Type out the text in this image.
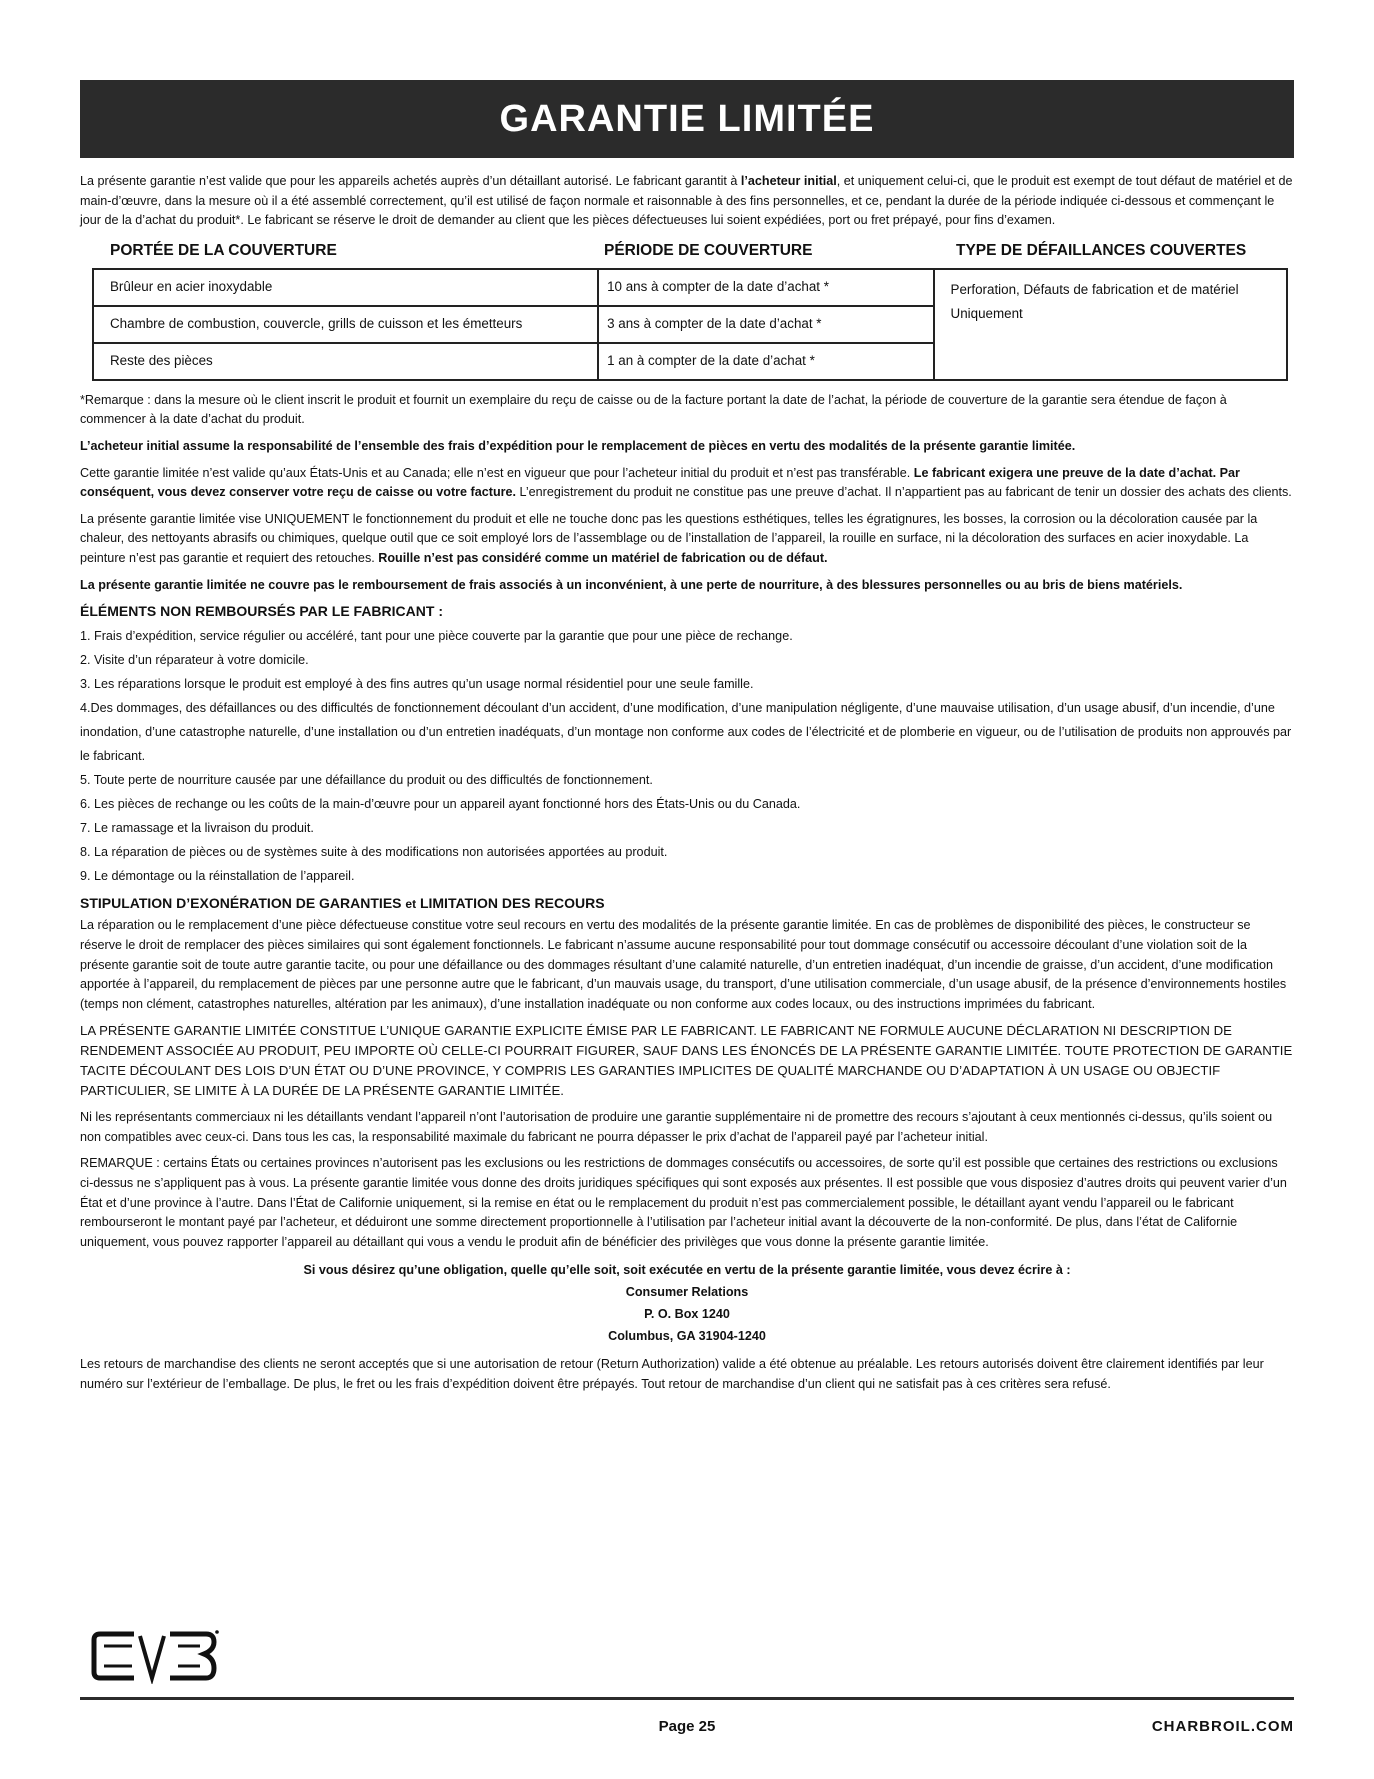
GARANTIE LIMITÉE

La présente garantie n’est valide que pour les appareils achetés auprès d’un détaillant autorisé. Le fabricant garantit à l’acheteur initial, et uniquement celui-ci, que le produit est exempt de tout défaut de matériel et de main-d’œuvre, dans la mesure où il a été assemblé correctement, qu’il est utilisé de façon normale et raisonnable à des fins personnelles, et ce, pendant la durée de la période indiquée ci-dessous et commençant le jour de la d’achat du produit*. Le fabricant se réserve le droit de demander au client que les pièces défectueuses lui soient expédiées, port ou fret prépayé, pour fins d’examen.

PORTÉE DE LA COUVERTURE	PÉRIODE DE COUVERTURE	TYPE DE DÉFAILLANCES COUVERTES
Brûleur en acier inoxydable	10 ans à compter de la date d’achat *	Perforation, Défauts de fabrication et de matériel Uniquement
Chambre de combustion, couvercle, grills de cuisson et les émetteurs	3 ans à compter de la date d’achat *	
Reste des pièces	1 an à compter de la date d’achat *	

*Remarque : dans la mesure où le client inscrit le produit et fournit un exemplaire du reçu de caisse ou de la facture portant la date de l’achat, la période de couverture de la garantie sera étendue de façon à commencer à la date d’achat du produit.

L’acheteur initial assume la responsabilité de l’ensemble des frais d’expédition pour le remplacement de pièces en vertu des modalités de la présente garantie limitée.

Cette garantie limitée n’est valide qu’aux États-Unis et au Canada; elle n’est en vigueur que pour l’acheteur initial du produit et n’est pas transférable. Le fabricant exigera une preuve de la date d’achat. Par conséquent, vous devez conserver votre reçu de caisse ou votre facture. L’enregistrement du produit ne constitue pas une preuve d’achat. Il n’appartient pas au fabricant de tenir un dossier des achats des clients.

La présente garantie limitée vise UNIQUEMENT le fonctionnement du produit et elle ne touche donc pas les questions esthétiques, telles les égratignures, les bosses, la corrosion ou la décoloration causée par la chaleur, des nettoyants abrasifs ou chimiques, quelque outil que ce soit employé lors de l’assemblage ou de l’installation de l’appareil, la rouille en surface, ni la décoloration des surfaces en acier inoxydable. La peinture n’est pas garantie et requiert des retouches. Rouille n’est pas considéré comme un matériel de fabrication ou de défaut.

La présente garantie limitée ne couvre pas le remboursement de frais associés à un inconvénient, à une perte de nourriture, à des blessures personnelles ou au bris de biens matériels.

ÉLÉMENTS NON REMBOURSÉS PAR LE FABRICANT :
1. Frais d’expédition, service régulier ou accéléré, tant pour une pièce couverte par la garantie que pour une pièce de rechange.
2. Visite d’un réparateur à votre domicile.
3. Les réparations lorsque le produit est employé à des fins autres qu’un usage normal résidentiel pour une seule famille.
4.Des dommages, des défaillances ou des difficultés de fonctionnement découlant d’un accident, d’une modification, d’une manipulation négligente, d’une mauvaise utilisation, d’un usage abusif, d’un incendie, d’une inondation, d’une catastrophe naturelle, d’une installation ou d’un entretien inadéquats, d’un montage non conforme aux codes de l’électricité et de plomberie en vigueur, ou de l’utilisation de produits non approuvés par le fabricant.
5. Toute perte de nourriture causée par une défaillance du produit ou des difficultés de fonctionnement.
6. Les pièces de rechange ou les coûts de la main-d’œuvre pour un appareil ayant fonctionné hors des États-Unis ou du Canada.
7. Le ramassage et la livraison du produit.
8. La réparation de pièces ou de systèmes suite à des modifications non autorisées apportées au produit.
9. Le démontage ou la réinstallation de l’appareil.
STIPULATION D’EXONÉRATION DE GARANTIES et LIMITATION DES RECOURS

La réparation ou le remplacement d’une pièce défectueuse constitue votre seul recours en vertu des modalités de la présente garantie limitée. En cas de problèmes de disponibilité des pièces, le constructeur se réserve le droit de remplacer des pièces similaires qui sont également fonctionnels. Le fabricant n’assume aucune responsabilité pour tout dommage consécutif ou accessoire découlant d’une violation soit de la présente garantie soit de toute autre garantie tacite, ou pour une défaillance ou des dommages résultant d’une calamité naturelle, d’un entretien inadéquat, d’un incendie de graisse, d’un accident, d’une modification apportée à l’appareil, du remplacement de pièces par une personne autre que le fabricant, d’un mauvais usage, du transport, d’une utilisation commerciale, d’un usage abusif, de la présence d’environnements hostiles (temps non clément, catastrophes naturelles, altération par les animaux), d’une installation inadéquate ou non conforme aux codes locaux, ou des instructions imprimées du fabricant.

LA PRÉSENTE GARANTIE LIMITÉE CONSTITUE L’UNIQUE GARANTIE EXPLICITE ÉMISE PAR LE FABRICANT. LE FABRICANT NE FORMULE AUCUNE DÉCLARATION NI DESCRIPTION DE RENDEMENT ASSOCIÉE AU PRODUIT, PEU IMPORTE OÙ CELLE-CI POURRAIT FIGURER, SAUF DANS LES ÉNONCÉS DE LA PRÉSENTE GARANTIE LIMITÉE. TOUTE PROTECTION DE GARANTIE TACITE DÉCOULANT DES LOIS D’UN ÉTAT OU D’UNE PROVINCE, Y COMPRIS LES GARANTIES IMPLICITES DE QUALITÉ MARCHANDE OU D’ADAPTATION À UN USAGE OU OBJECTIF PARTICULIER, SE LIMITE À LA DURÉE DE LA PRÉSENTE GARANTIE LIMITÉE.

Ni les représentants commerciaux ni les détaillants vendant l’appareil n’ont l’autorisation de produire une garantie supplémentaire ni de promettre des recours s’ajoutant à ceux mentionnés ci-dessus, qu’ils soient ou non compatibles avec ceux-ci. Dans tous les cas, la responsabilité maximale du fabricant ne pourra dépasser le prix d’achat de l’appareil payé par l’acheteur initial.

REMARQUE : certains États ou certaines provinces n’autorisent pas les exclusions ou les restrictions de dommages consécutifs ou accessoires, de sorte qu’il est possible que certaines des restrictions ou exclusions ci-dessus ne s’appliquent pas à vous. La présente garantie limitée vous donne des droits juridiques spécifiques qui sont exposés aux présentes. Il est possible que vous disposiez d’autres droits qui peuvent varier d’un État et d’une province à l’autre. Dans l’État de Californie uniquement, si la remise en état ou le remplacement du produit n’est pas commercialement possible, le détaillant ayant vendu l’appareil ou le fabricant rembourseront le montant payé par l’acheteur, et déduiront une somme directement proportionnelle à l’utilisation par l’acheteur initial avant la découverte de la non-conformité. De plus, dans l’état de Californie uniquement, vous pouvez rapporter l’appareil au détaillant qui vous a vendu le produit afin de bénéficier des privilèges que vous donne la présente garantie limitée.

Si vous désirez qu’une obligation, quelle qu’elle soit, soit exécutée en vertu de la présente garantie limitée, vous devez écrire à :
Consumer Relations
P. O. Box 1240
Columbus, GA 31904-1240

Les retours de marchandise des clients ne seront acceptés que si une autorisation de retour (Return Authorization) valide a été obtenue au préalable. Les retours autorisés doivent être clairement identifiés par leur numéro sur l’extérieur de l’emballage. De plus, le fret ou les frais d’expédition doivent être prépayés. Tout retour de marchandise d’un client qui ne satisfait pas à ces critères sera refusé.

Page 25	CHARBROIL.COM
